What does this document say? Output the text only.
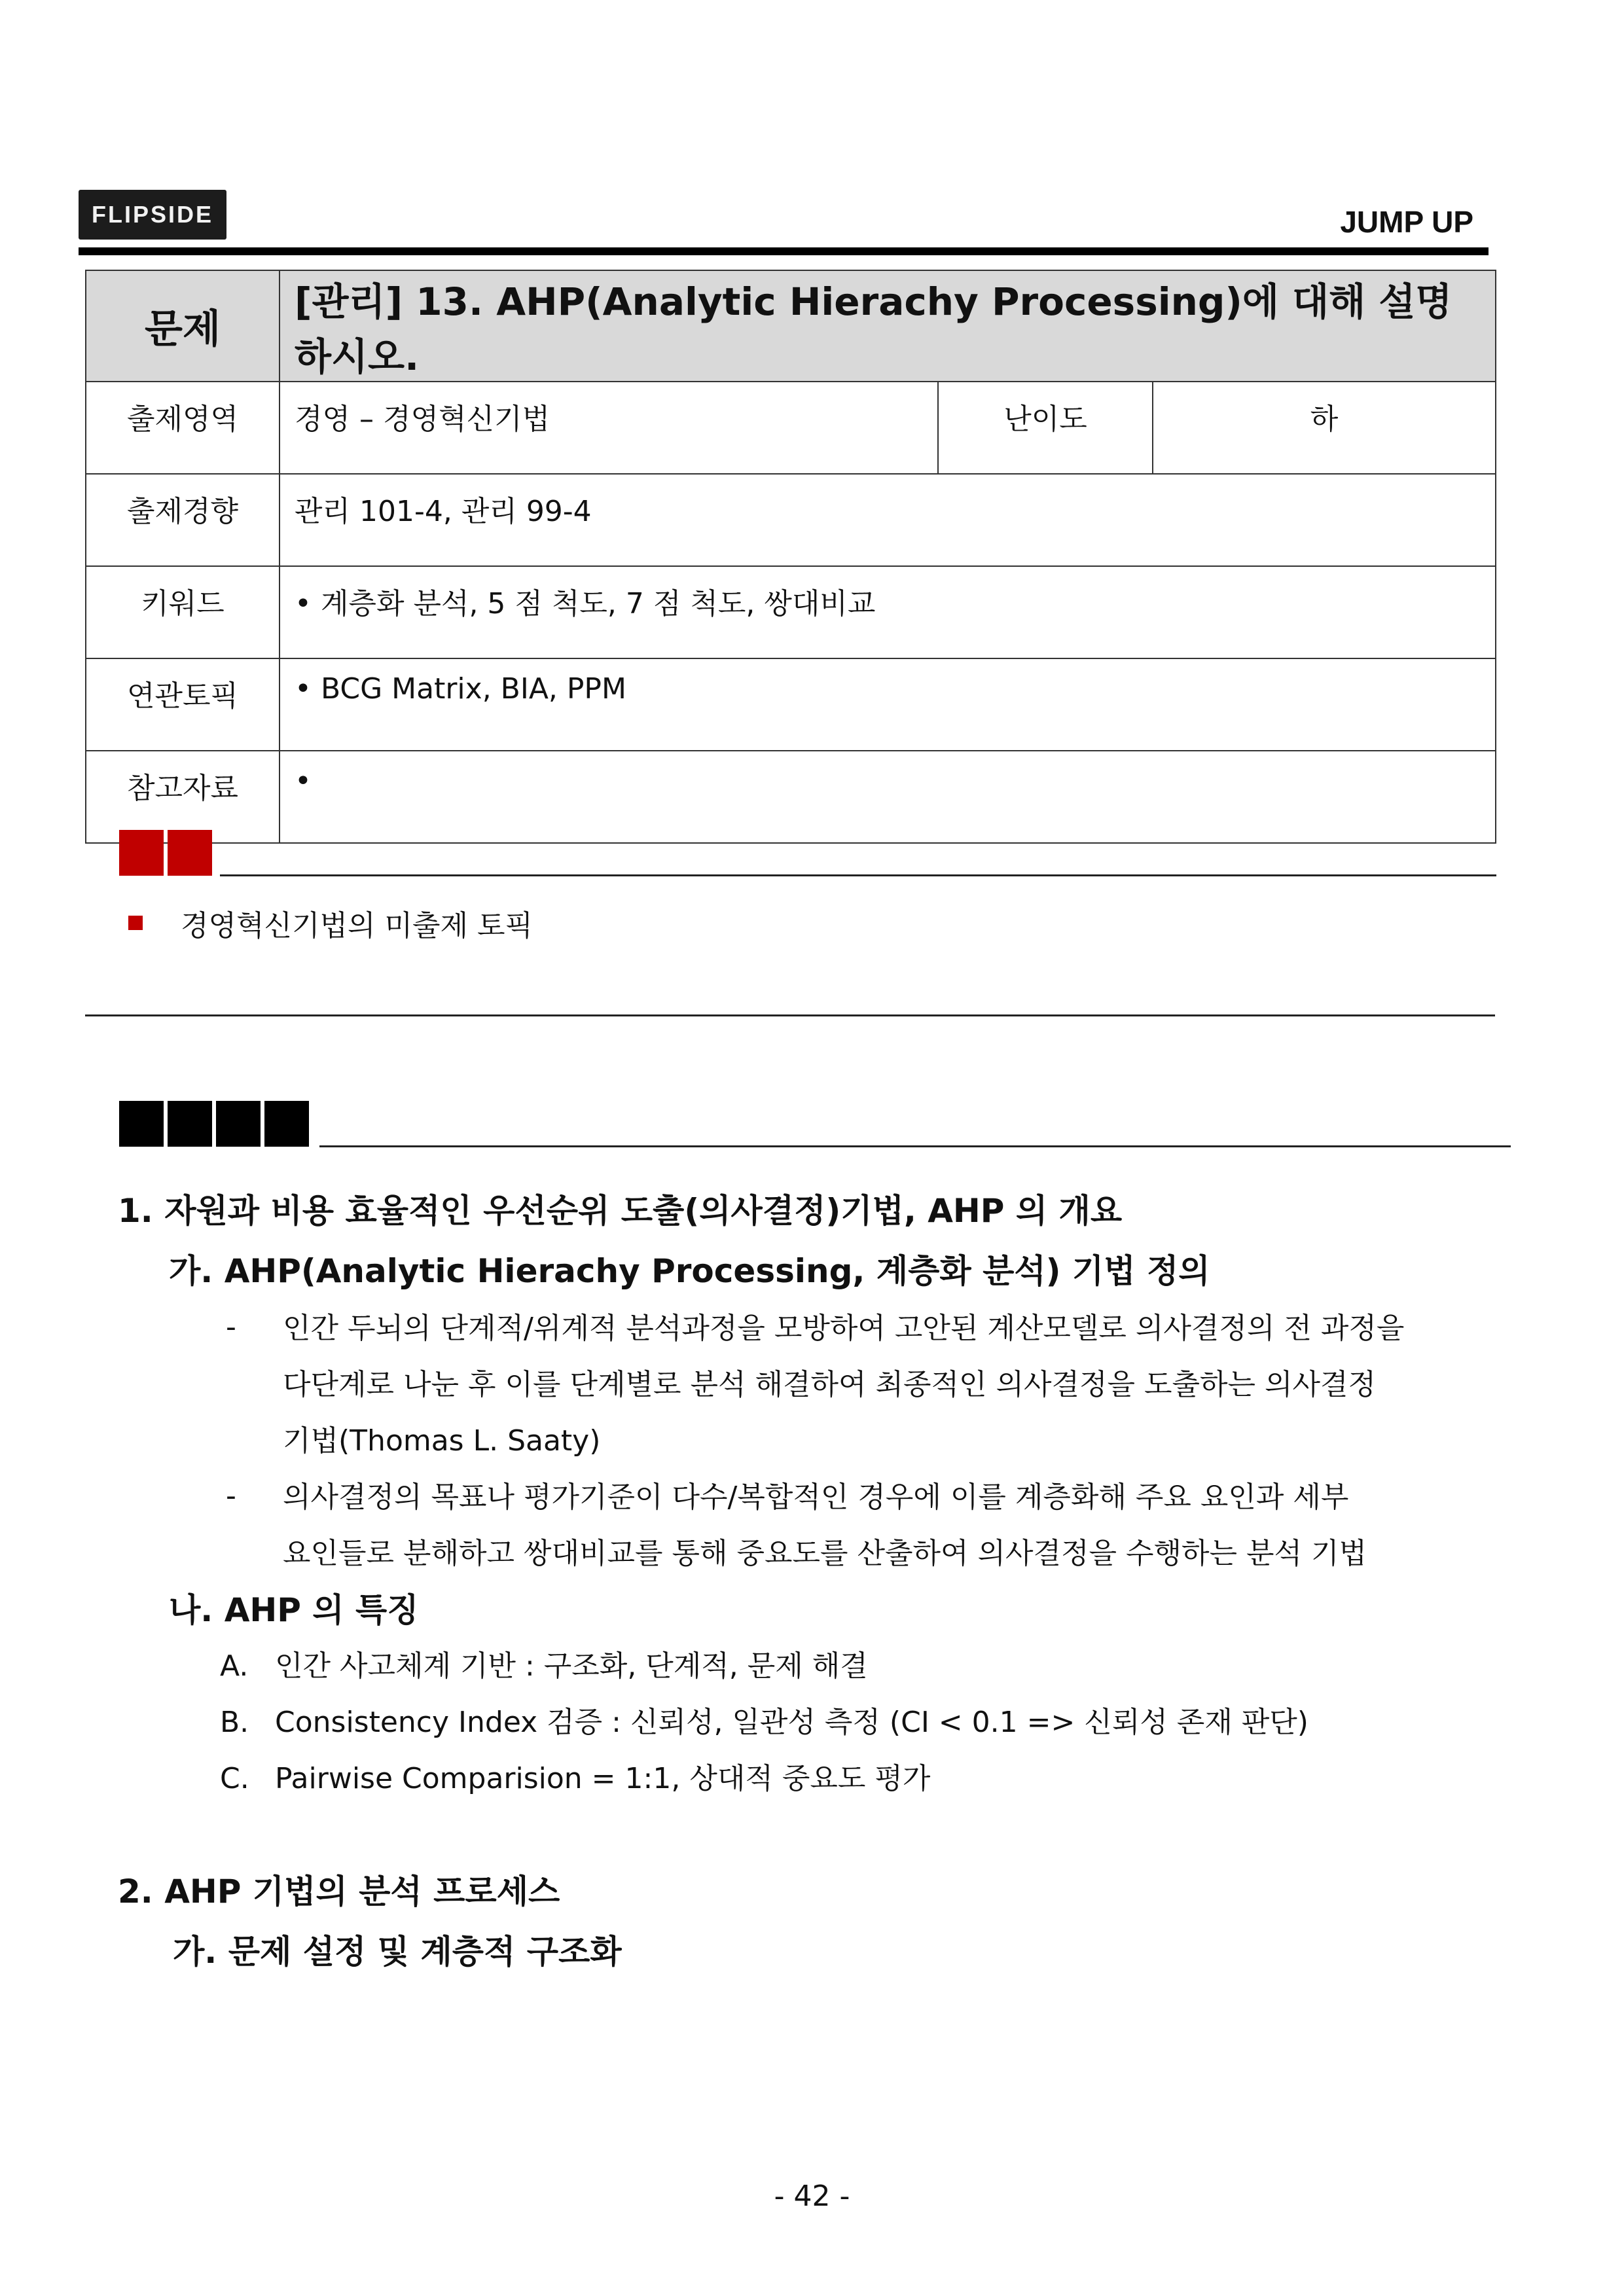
FLIPSIDE	JUMP UP
문제	[관리] 13. AHP(Analytic Hierachy Processing)에 대해 설명하시오.		
출제영역	경영 – 경영혁신기법	난이도	하
출제경향	관리 101-4, 관리 99-4		
키워드	• 계층화 분석, 5 점 척도, 7 점 척도, 쌍대비교		
연관토픽	• BCG Matrix, BIA, PPM		
참고자료	•		
경영혁신기법의 미출제 토픽
1. 자원과 비용 효율적인 우선순위 도출(의사결정)기법, AHP 의 개요
가. AHP(Analytic Hierachy Processing, 계층화 분석) 기법 정의
- 인간 두뇌의 단계적/위계적 분석과정을 모방하여 고안된 계산모델로 의사결정의 전 과정을
다단계로 나눈 후 이를 단계별로 분석 해결하여 최종적인 의사결정을 도출하는 의사결정
기법(Thomas L. Saaty)
- 의사결정의 목표나 평가기준이 다수/복합적인 경우에 이를 계층화해 주요 요인과 세부
요인들로 분해하고 쌍대비교를 통해 중요도를 산출하여 의사결정을 수행하는 분석 기법
나. AHP 의 특징
A. 인간 사고체계 기반 : 구조화, 단계적, 문제 해결
B. Consistency Index 검증 : 신뢰성, 일관성 측정 (CI < 0.1 => 신뢰성 존재 판단)
C. Pairwise Comparision = 1:1, 상대적 중요도 평가
2. AHP 기법의 분석 프로세스
가. 문제 설정 및 계층적 구조화
- 42 -
